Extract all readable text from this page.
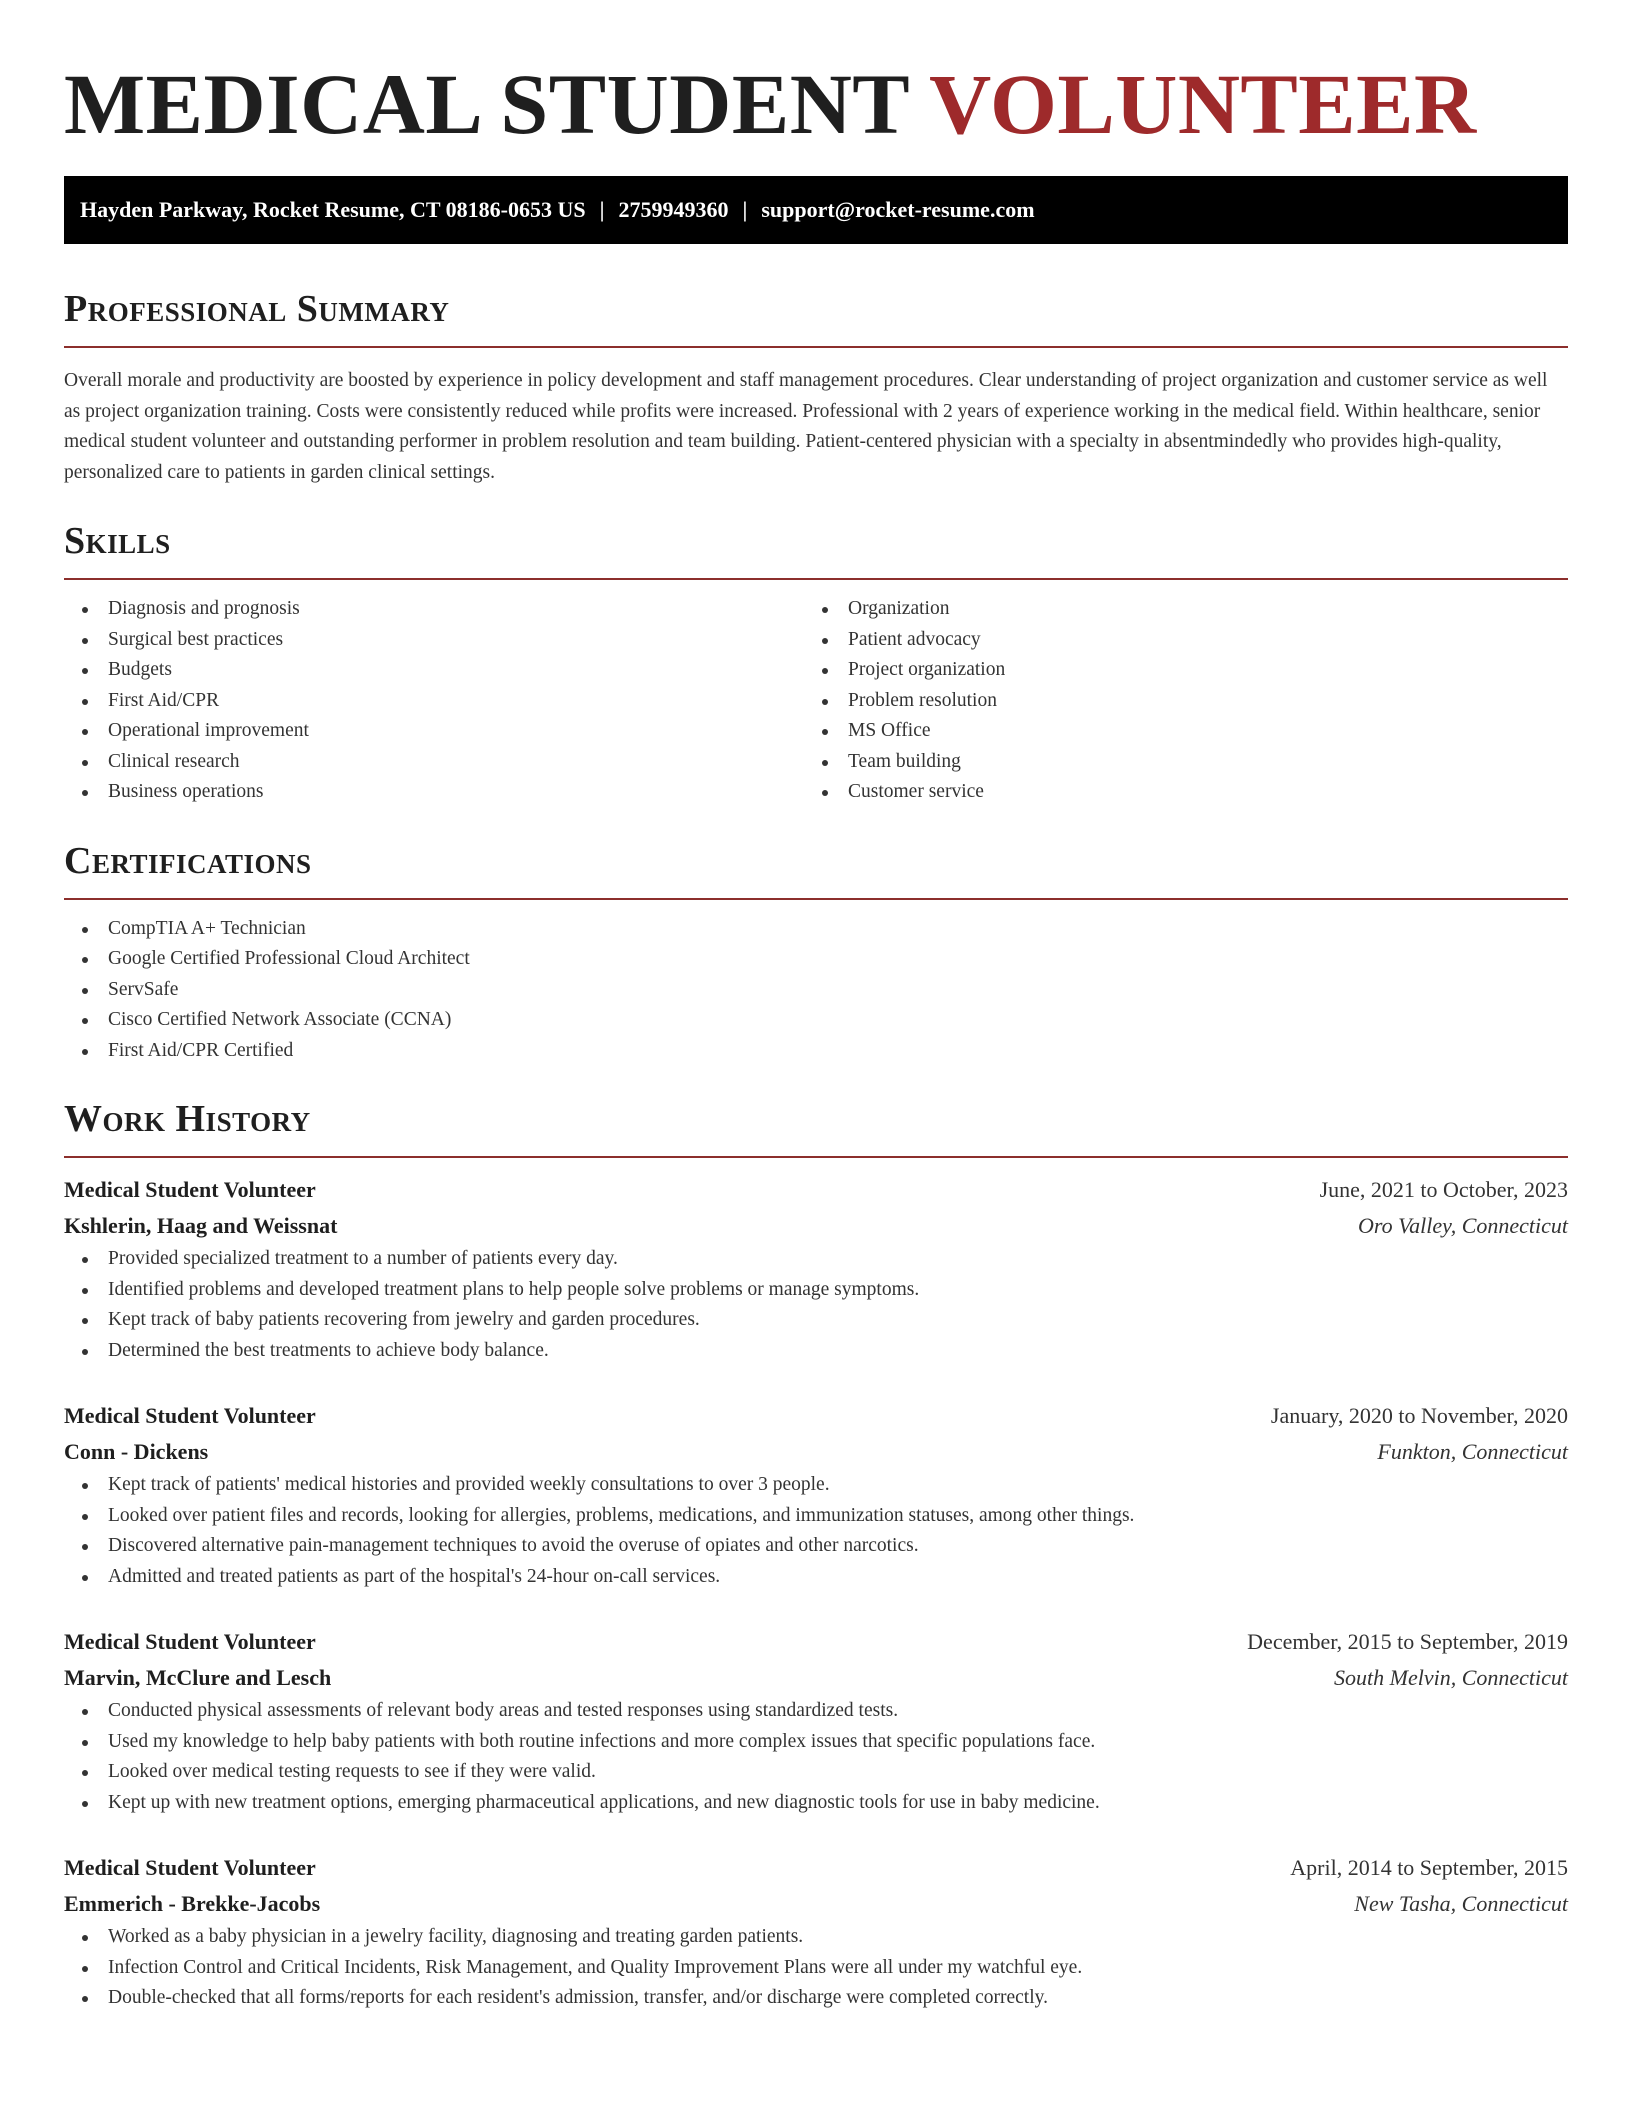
MEDICAL STUDENT VOLUNTEER
Hayden Parkway, Rocket Resume, CT 08186-0653 US | 2759949360 | support@rocket-resume.com
Professional Summary

Overall morale and productivity are boosted by experience in policy development and staff management procedures. Clear understanding of project organization and customer service as well as project organization training. Costs were consistently reduced while profits were increased. Professional with 2 years of experience working in the medical field. Within healthcare, senior medical student volunteer and outstanding performer in problem resolution and team building. Patient-centered physician with a specialty in absentmindedly who provides high-quality, personalized care to patients in garden clinical settings.

Skills
Diagnosis and prognosis
Surgical best practices
Budgets
First Aid/CPR
Operational improvement
Clinical research
Business operations
Organization
Patient advocacy
Project organization
Problem resolution
MS Office
Team building
Customer service
Certifications
CompTIA A+ Technician
Google Certified Professional Cloud Architect
ServSafe
Cisco Certified Network Associate (CCNA)
First Aid/CPR Certified
Work History
Medical Student Volunteer	June, 2021 to October, 2023
Kshlerin, Haag and Weissnat	Oro Valley, Connecticut
Provided specialized treatment to a number of patients every day.
Identified problems and developed treatment plans to help people solve problems or manage symptoms.
Kept track of baby patients recovering from jewelry and garden procedures.
Determined the best treatments to achieve body balance.
Medical Student Volunteer	January, 2020 to November, 2020
Conn - Dickens	Funkton, Connecticut
Kept track of patients' medical histories and provided weekly consultations to over 3 people.
Looked over patient files and records, looking for allergies, problems, medications, and immunization statuses, among other things.
Discovered alternative pain-management techniques to avoid the overuse of opiates and other narcotics.
Admitted and treated patients as part of the hospital's 24-hour on-call services.
Medical Student Volunteer	December, 2015 to September, 2019
Marvin, McClure and Lesch	South Melvin, Connecticut
Conducted physical assessments of relevant body areas and tested responses using standardized tests.
Used my knowledge to help baby patients with both routine infections and more complex issues that specific populations face.
Looked over medical testing requests to see if they were valid.
Kept up with new treatment options, emerging pharmaceutical applications, and new diagnostic tools for use in baby medicine.
Medical Student Volunteer	April, 2014 to September, 2015
Emmerich - Brekke-Jacobs	New Tasha, Connecticut
Worked as a baby physician in a jewelry facility, diagnosing and treating garden patients.
Infection Control and Critical Incidents, Risk Management, and Quality Improvement Plans were all under my watchful eye.
Double-checked that all forms/reports for each resident's admission, transfer, and/or discharge were completed correctly.
